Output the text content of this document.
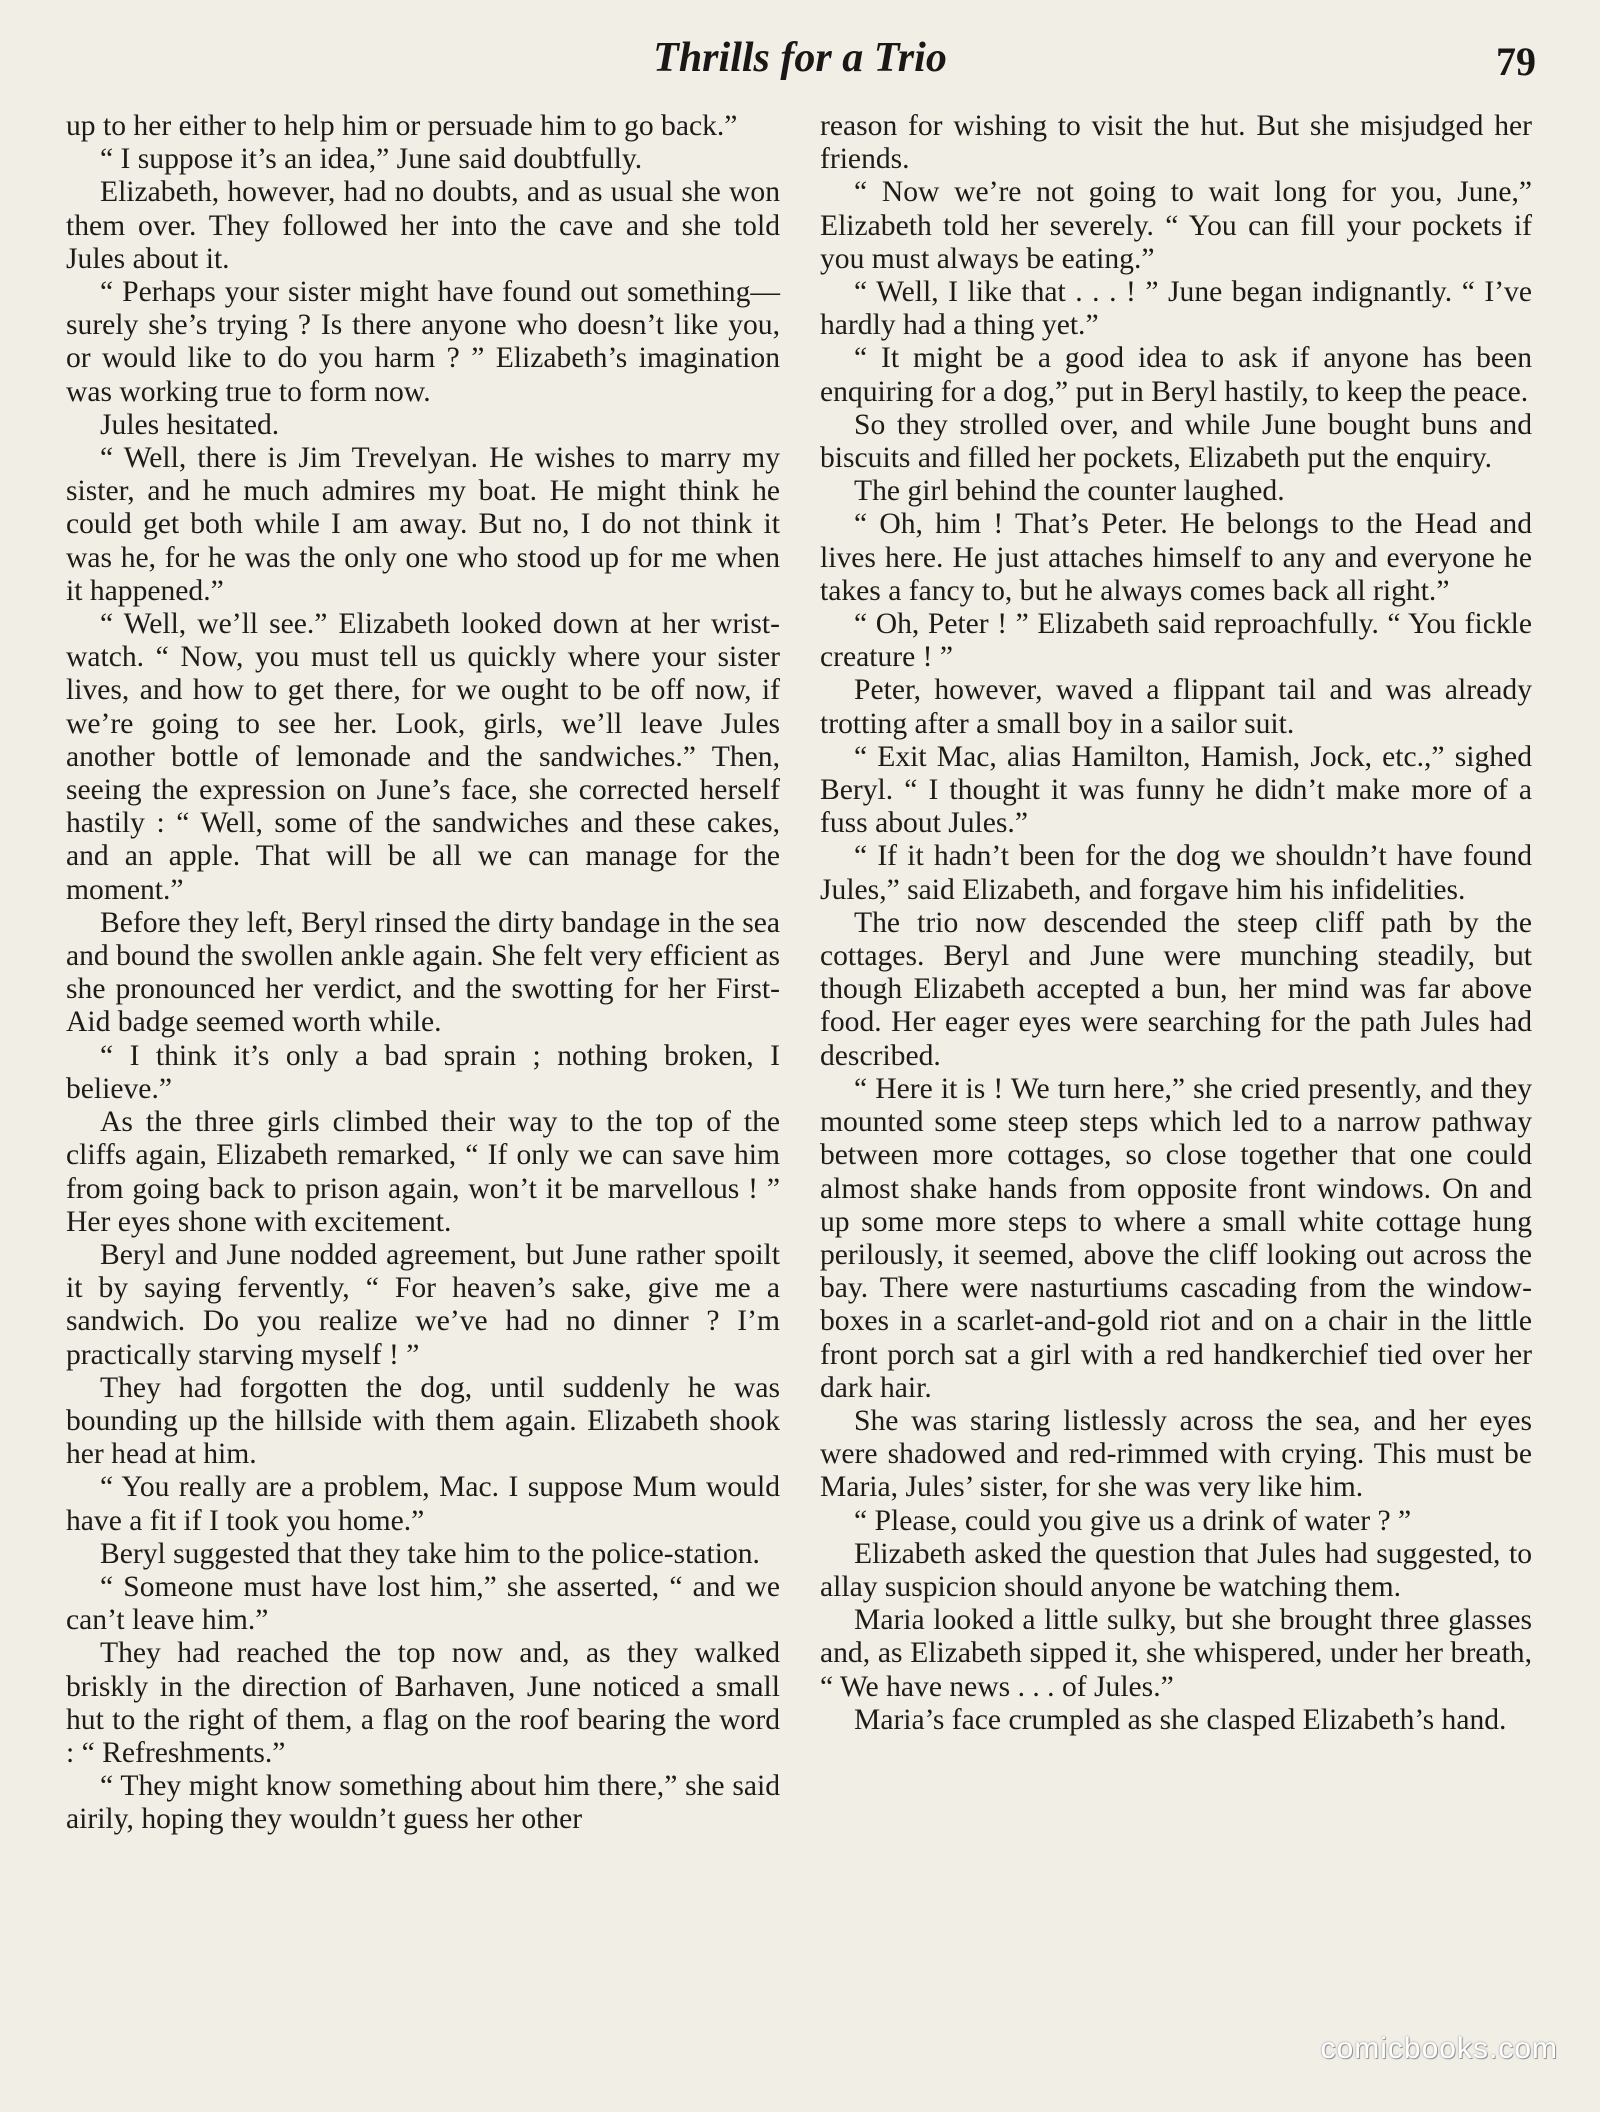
Thrills for a Trio	79

up to her either to help him or persuade him to go back.”

“ I suppose it’s an idea,” June said doubtfully.

Elizabeth, however, had no doubts, and as usual she won them over. They followed her into the cave and she told Jules about it.

“ Perhaps your sister might have found out something—surely she’s trying ? Is there anyone who doesn’t like you, or would like to do you harm ? ” Elizabeth’s imagination was working true to form now.

Jules hesitated.

“ Well, there is Jim Trevelyan. He wishes to marry my sister, and he much admires my boat. He might think he could get both while I am away. But no, I do not think it was he, for he was the only one who stood up for me when it happened.”

“ Well, we’ll see.” Elizabeth looked down at her wrist-watch. “ Now, you must tell us quickly where your sister lives, and how to get there, for we ought to be off now, if we’re going to see her. Look, girls, we’ll leave Jules another bottle of lemonade and the sandwiches.” Then, seeing the expression on June’s face, she corrected herself hastily : “ Well, some of the sandwiches and these cakes, and an apple. That will be all we can manage for the moment.”

Before they left, Beryl rinsed the dirty bandage in the sea and bound the swollen ankle again. She felt very efficient as she pronounced her verdict, and the swotting for her First-Aid badge seemed worth while.

“ I think it’s only a bad sprain ; nothing broken, I believe.”

As the three girls climbed their way to the top of the cliffs again, Elizabeth remarked, “ If only we can save him from going back to prison again, won’t it be marvellous ! ” Her eyes shone with excitement.

Beryl and June nodded agreement, but June rather spoilt it by saying fervently, “ For heaven’s sake, give me a sandwich. Do you realize we’ve had no dinner ? I’m practically starving myself ! ”

They had forgotten the dog, until suddenly he was bounding up the hillside with them again. Elizabeth shook her head at him.

“ You really are a problem, Mac. I suppose Mum would have a fit if I took you home.”

Beryl suggested that they take him to the police-station.

“ Someone must have lost him,” she asserted, “ and we can’t leave him.”

They had reached the top now and, as they walked briskly in the direction of Barhaven, June noticed a small hut to the right of them, a flag on the roof bearing the word : “ Refreshments.”

“ They might know something about him there,” she said airily, hoping they wouldn’t guess her other

reason for wishing to visit the hut. But she misjudged her friends.

“ Now we’re not going to wait long for you, June,” Elizabeth told her severely. “ You can fill your pockets if you must always be eating.”

“ Well, I like that . . . ! ” June began indignantly. “ I’ve hardly had a thing yet.”

“ It might be a good idea to ask if anyone has been enquiring for a dog,” put in Beryl hastily, to keep the peace.

So they strolled over, and while June bought buns and biscuits and filled her pockets, Elizabeth put the enquiry.

The girl behind the counter laughed.

“ Oh, him ! That’s Peter. He belongs to the Head and lives here. He just attaches himself to any and everyone he takes a fancy to, but he always comes back all right.”

“ Oh, Peter ! ” Elizabeth said reproachfully. “ You fickle creature ! ”

Peter, however, waved a flippant tail and was already trotting after a small boy in a sailor suit.

“ Exit Mac, alias Hamilton, Hamish, Jock, etc.,” sighed Beryl. “ I thought it was funny he didn’t make more of a fuss about Jules.”

“ If it hadn’t been for the dog we shouldn’t have found Jules,” said Elizabeth, and forgave him his infidelities.

The trio now descended the steep cliff path by the cottages. Beryl and June were munching steadily, but though Elizabeth accepted a bun, her mind was far above food. Her eager eyes were searching for the path Jules had described.

“ Here it is ! We turn here,” she cried presently, and they mounted some steep steps which led to a narrow pathway between more cottages, so close together that one could almost shake hands from opposite front windows. On and up some more steps to where a small white cottage hung perilously, it seemed, above the cliff looking out across the bay. There were nasturtiums cascading from the window-boxes in a scarlet-and-gold riot and on a chair in the little front porch sat a girl with a red handkerchief tied over her dark hair.

She was staring listlessly across the sea, and her eyes were shadowed and red-rimmed with crying. This must be Maria, Jules’ sister, for she was very like him.

“ Please, could you give us a drink of water ? ”

Elizabeth asked the question that Jules had suggested, to allay suspicion should anyone be watching them.

Maria looked a little sulky, but she brought three glasses and, as Elizabeth sipped it, she whispered, under her breath, “ We have news . . . of Jules.”

Maria’s face crumpled as she clasped Elizabeth’s hand.

comicbooks.com
